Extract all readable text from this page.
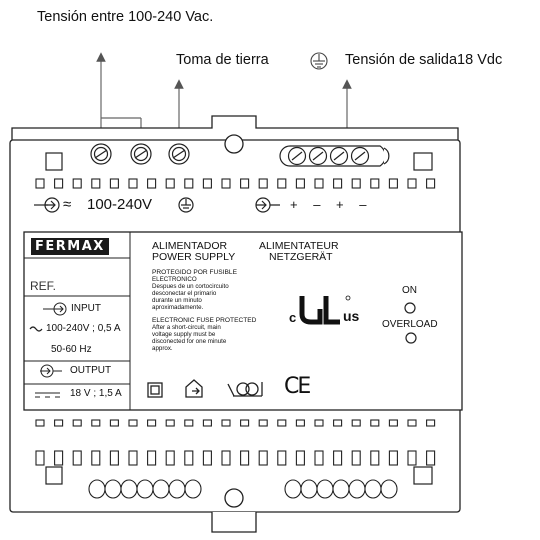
Tensión entre 100-240 Vac.
Toma de tierra	Tensión de salida18 Vdc
≈ 100-240V	+ – + –
FERMAX
REF.
INPUT
100-240V ; 0,5 A
50-60 Hz
OUTPUT
18 V ; 1,5 A
ALIMENTADOR
POWER SUPPLY
ALIMENTATEUR
NETZGERÄT
PROTEGIDO POR FUSIBLE
ELECTRONICO
Despues de un cortocircuito
desconectar el primario
durante un minuto
aproximadamente.
ELECTRONIC FUSE PROTECTED
After a short-circuit, main
voltage supply must be
disconected for one minute
approx.
c	us
ON
OVERLOAD
CE
